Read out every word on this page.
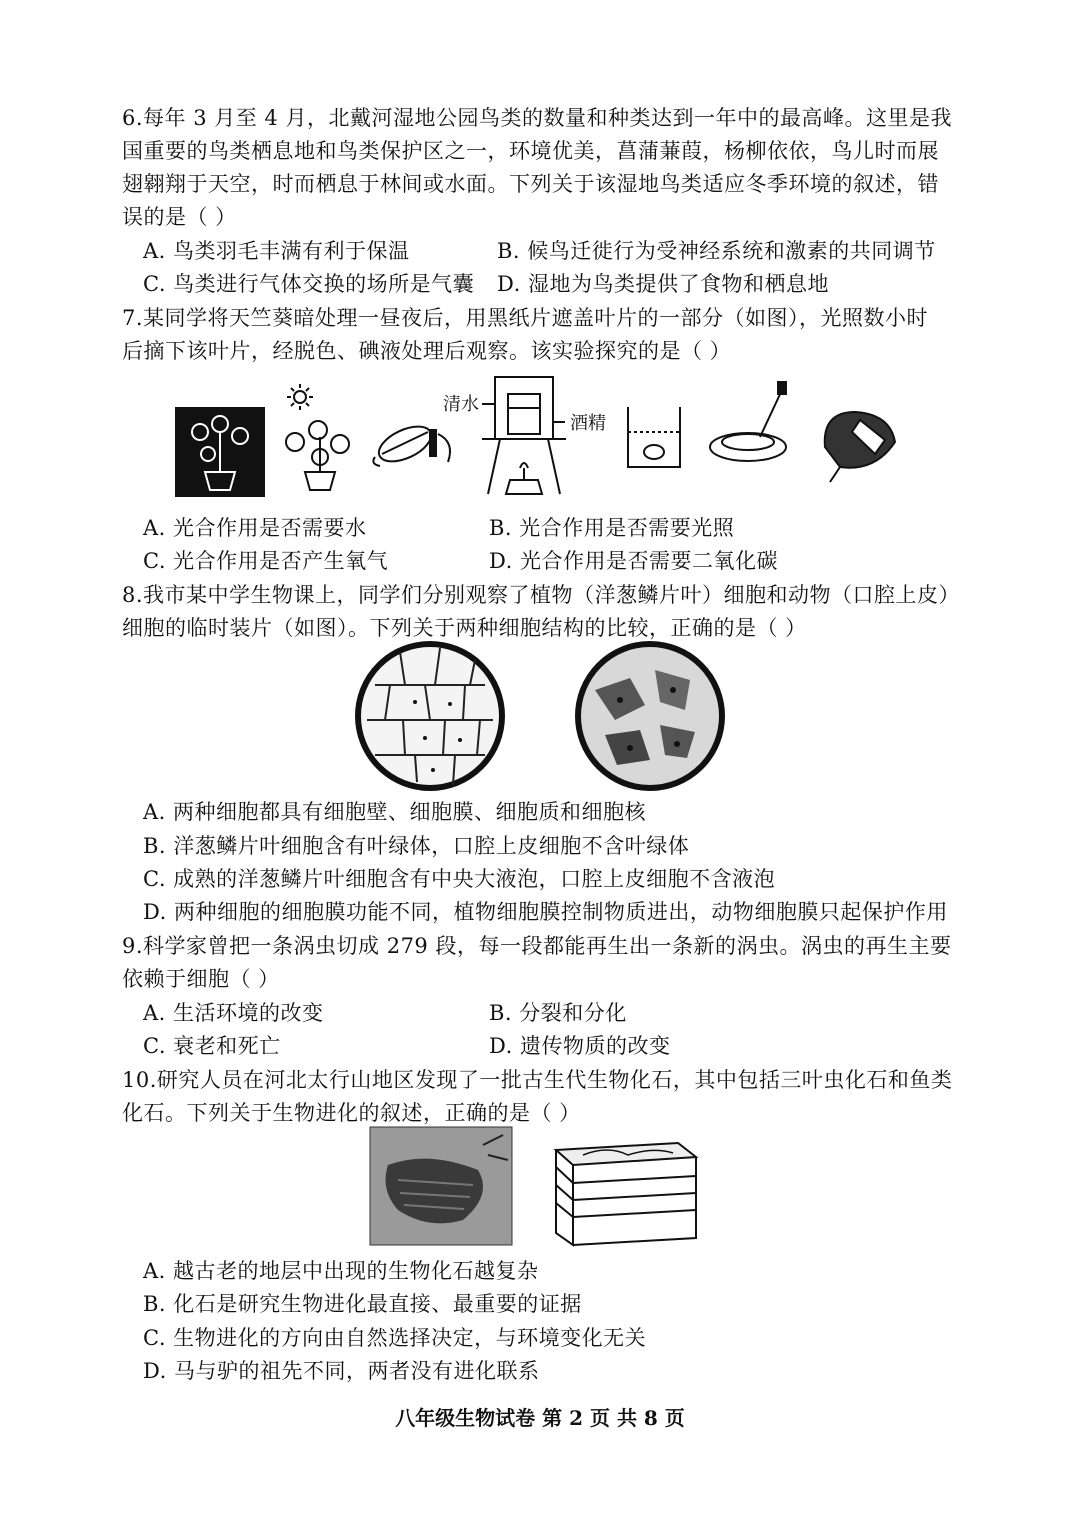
6.每年 3 月至 4 月，北戴河湿地公园鸟类的数量和种类达到一年中的最高峰。这里是我
国重要的鸟类栖息地和鸟类保护区之一，环境优美，菖蒲蒹葭，杨柳依依，鸟儿时而展
翅翱翔于天空，时而栖息于林间或水面。下列关于该湿地鸟类适应冬季环境的叙述，错
误的是（ ）
A. 鸟类羽毛丰满有利于保温	B. 候鸟迁徙行为受神经系统和激素的共同调节
C. 鸟类进行气体交换的场所是气囊 D. 湿地为鸟类提供了食物和栖息地
7.某同学将天竺葵暗处理一昼夜后，用黑纸片遮盖叶片的一部分（如图），光照数小时
后摘下该叶片，经脱色、碘液处理后观察。该实验探究的是（ ）
清水
酒精
A. 光合作用是否需要水	B. 光合作用是否需要光照
C. 光合作用是否产生氧气	D. 光合作用是否需要二氧化碳
8.我市某中学生物课上，同学们分别观察了植物（洋葱鳞片叶）细胞和动物（口腔上皮）
细胞的临时装片（如图）。下列关于两种细胞结构的比较，正确的是（ ）
A. 两种细胞都具有细胞壁、细胞膜、细胞质和细胞核
B. 洋葱鳞片叶细胞含有叶绿体，口腔上皮细胞不含叶绿体
C. 成熟的洋葱鳞片叶细胞含有中央大液泡，口腔上皮细胞不含液泡
D. 两种细胞的细胞膜功能不同，植物细胞膜控制物质进出，动物细胞膜只起保护作用
9.科学家曾把一条涡虫切成 279 段，每一段都能再生出一条新的涡虫。涡虫的再生主要
依赖于细胞（ ）
A. 生活环境的改变	B. 分裂和分化
C. 衰老和死亡	D. 遗传物质的改变
10.研究人员在河北太行山地区发现了一批古生代生物化石，其中包括三叶虫化石和鱼类
化石。下列关于生物进化的叙述，正确的是（ ）
A. 越古老的地层中出现的生物化石越复杂
B. 化石是研究生物进化最直接、最重要的证据
C. 生物进化的方向由自然选择决定，与环境变化无关
D. 马与驴的祖先不同，两者没有进化联系
八年级生物试卷 第 2 页 共 8 页
